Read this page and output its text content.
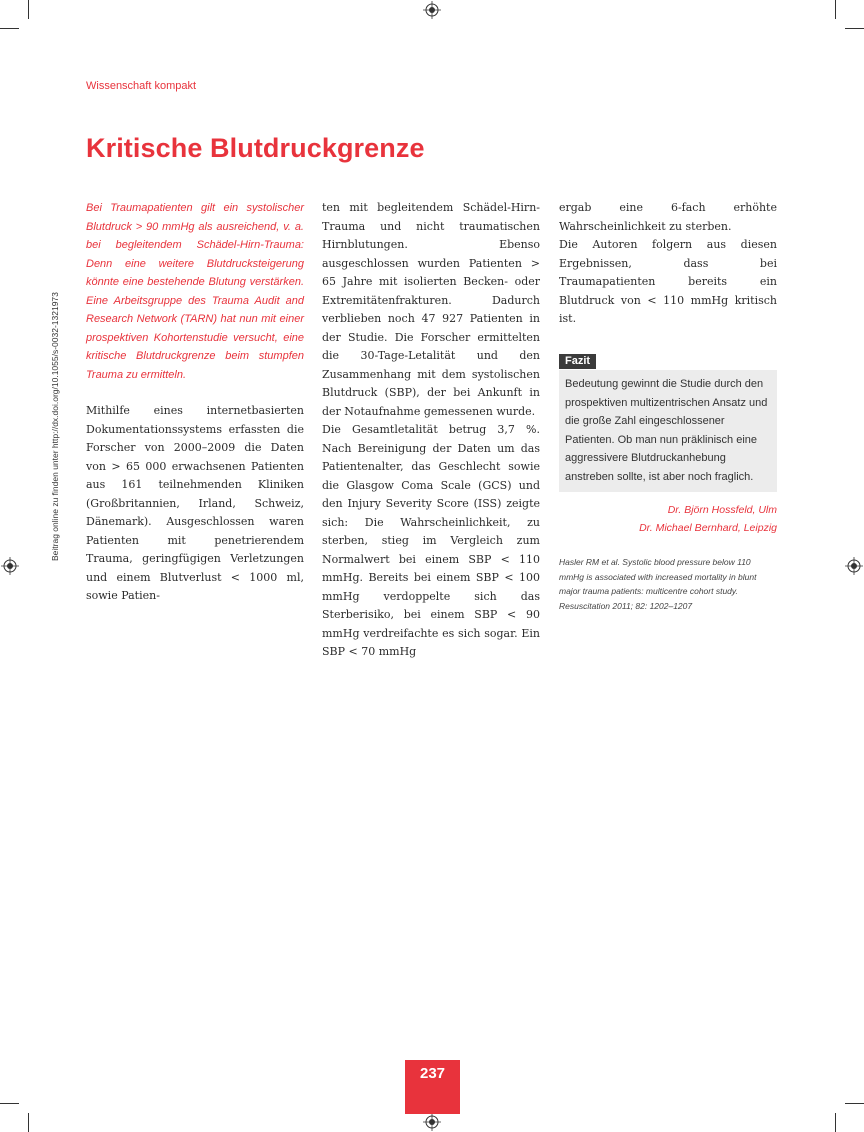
Wissenschaft kompakt
Kritische Blutdruckgrenze
Beitrag online zu finden unter http://dx.doi.org/10.1055/s-0032-1321973

Bei Traumapatienten gilt ein systolischer Blutdruck > 90 mmHg als ausreichend, v. a. bei begleitendem Schädel-Hirn-Trauma: Denn eine weitere Blutdrucksteigerung könnte eine bestehende Blutung verstärken. Eine Arbeitsgruppe des Trauma Audit and Research Network (TARN) hat nun mit einer prospektiven Kohortenstudie versucht, eine kritische Blutdruckgrenze beim stumpfen Trauma zu ermitteln.

Mithilfe eines internetbasierten Dokumentationssystems erfassten die Forscher von 2000–2009 die Daten von > 65 000 erwachsenen Patienten aus 161 teilnehmenden Kliniken (Großbritannien, Irland, Schweiz, Dänemark). Ausgeschlossen waren Patienten mit penetrierendem Trauma, geringfügigen Verletzungen und einem Blutverlust < 1000 ml, sowie Patien-

ten mit begleitendem Schädel-Hirn-Trauma und nicht traumatischen Hirnblutungen. Ebenso ausgeschlossen wurden Patienten > 65 Jahre mit isolierten Becken- oder Extremitätenfrakturen. Dadurch verblieben noch 47 927 Patienten in der Studie. Die Forscher ermittelten die 30-Tage-Letalität und den Zusammenhang mit dem systolischen Blutdruck (SBP), der bei Ankunft in der Notaufnahme gemessenen wurde.

Die Gesamtletalität betrug 3,7 %. Nach Bereinigung der Daten um das Patientenalter, das Geschlecht sowie die Glasgow Coma Scale (GCS) und den Injury Severity Score (ISS) zeigte sich: Die Wahrscheinlichkeit, zu sterben, stieg im Vergleich zum Normalwert bei einem SBP < 110 mmHg. Bereits bei einem SBP < 100 mmHg verdoppelte sich das Sterberisiko, bei einem SBP < 90 mmHg verdreifachte es sich sogar. Ein SBP < 70 mmHg

ergab eine 6-fach erhöhte Wahrscheinlichkeit zu sterben.

Die Autoren folgern aus diesen Ergebnissen, dass bei Traumapatienten bereits ein Blutdruck von < 110 mmHg kritisch ist.

Fazit
Bedeutung gewinnt die Studie durch den prospektiven multizentrischen Ansatz und die große Zahl eingeschlossener Patienten. Ob man nun präklinisch eine aggressivere Blutdruckanhebung anstreben sollte, ist aber noch fraglich.
Dr. Björn Hossfeld, Ulm
Dr. Michael Bernhard, Leipzig
Hasler RM et al. Systolic blood pressure below 110 mmHg is associated with increased mortality in blunt major trauma patients: multicentre cohort study. Resuscitation 2011; 82: 1202–1207
237
